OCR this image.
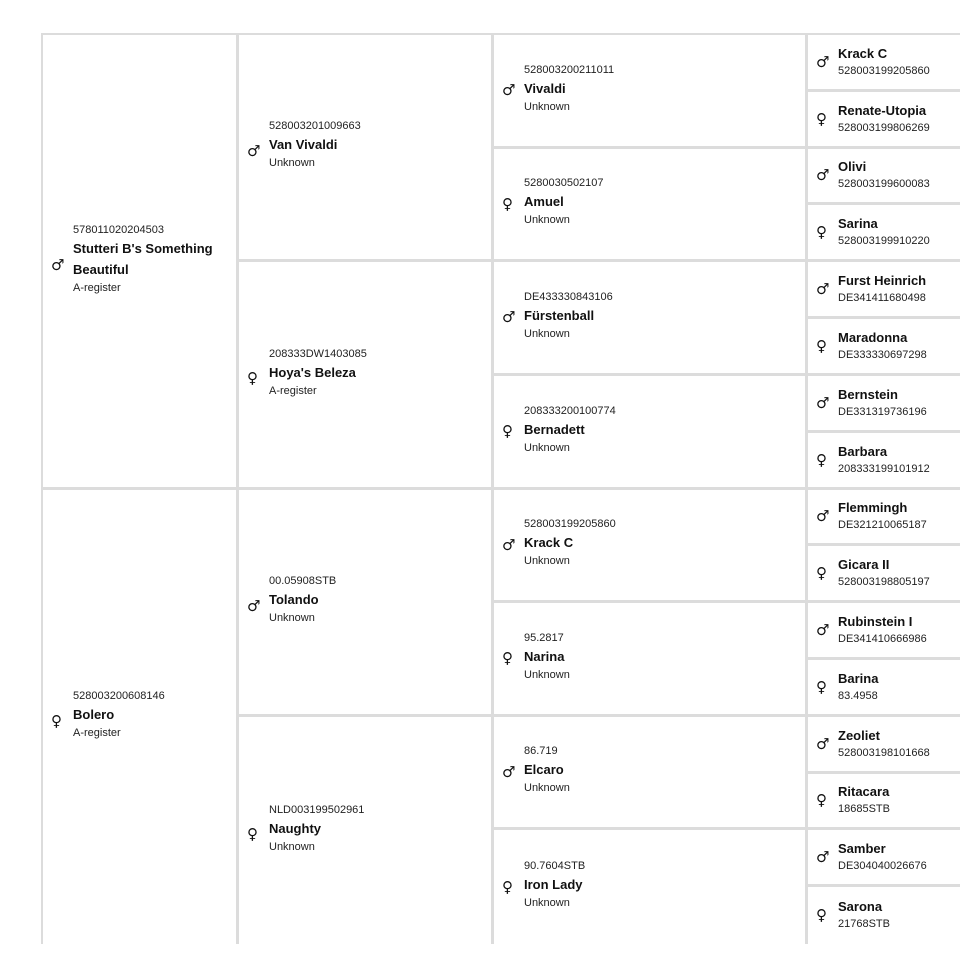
♂
578011020204503
Stutteri B's Something Beautiful
A-register
♀
528003200608146
Bolero
A-register
♂
528003201009663
Van Vivaldi
Unknown
♀
208333DW1403085
Hoya's Beleza
A-register
♂
00.05908STB
Tolando
Unknown
♀
NLD003199502961
Naughty
Unknown
♂
528003200211011
Vivaldi
Unknown
♀
5280030502107
Amuel
Unknown
♂
DE433330843106
Fürstenball
Unknown
♀
208333200100774
Bernadett
Unknown
♂
528003199205860
Krack C
Unknown
♀
95.2817
Narina
Unknown
♂
86.719
Elcaro
Unknown
♀
90.7604STB
Iron Lady
Unknown
♂ Krack C
528003199205860
♀ Renate-Utopia
528003199806269
♂ Olivi
528003199600083
♀ Sarina
528003199910220
♂ Furst Heinrich
DE341411680498
♀ Maradonna
DE333330697298
♂ Bernstein
DE331319736196
♀ Barbara
208333199101912
♂ Flemmingh
DE321210065187
♀ Gicara II
528003198805197
♂ Rubinstein I
DE341410666986
♀ Barina
83.4958
♂ Zeoliet
528003198101668
♀ Ritacara
18685STB
♂ Samber
DE304040026676
♀ Sarona
21768STB
